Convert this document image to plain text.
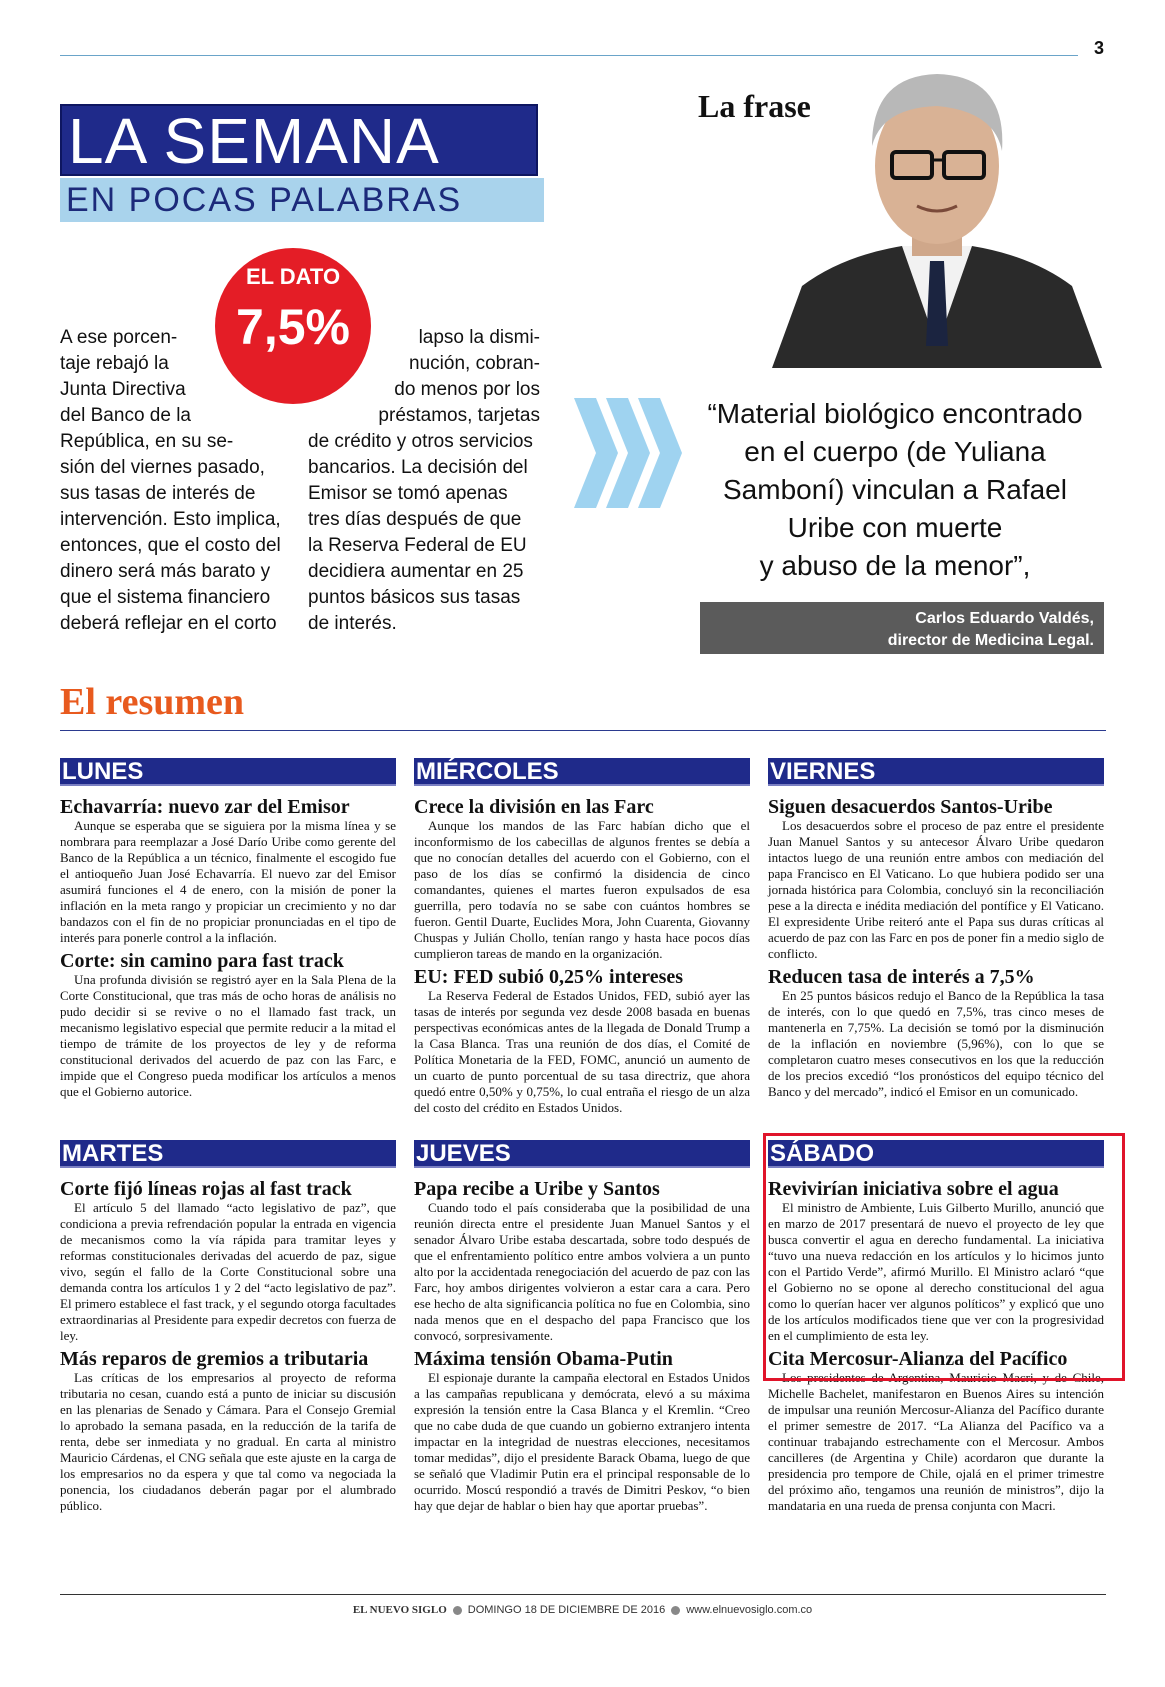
3
LA SEMANA
EN POCAS PALABRAS
EL DATO
7,5%
A ese porcen-
taje rebajó la
Junta Directiva
del Banco de la
República, en su se-
sión del viernes pasado,
sus tasas de interés de
intervención. Esto implica,
entonces, que el costo del
dinero será más barato y
que el sistema financiero
deberá reflejar en el corto
lapso la dismi-
nución, cobran-
do menos por los
préstamos, tarjetas
de crédito y otros servicios
bancarios. La decisión del
Emisor se tomó apenas
tres días después de que
la Reserva Federal de EU
decidiera aumentar en 25
puntos básicos sus tasas
de interés.
La frase
“Material biológico encontrado
en el cuerpo (de Yuliana
Samboní) vinculan a Rafael
Uribe con muerte
y abuso de la menor”,
Carlos Eduardo Valdés,
director de Medicina Legal.
El resumen
LUNES
Echavarría: nuevo zar del Emisor

Aunque se esperaba que se siguiera por la misma línea y se nombrara para reemplazar a José Darío Uribe como gerente del Banco de la República a un técnico, finalmente el escogido fue el antioqueño Juan José Echavarría. El nuevo zar del Emisor asumirá funciones el 4 de enero, con la misión de poner la inflación en la meta rango y propiciar un crecimiento y no dar bandazos con el fin de no propiciar pronunciadas en el tipo de interés para ponerle control a la inflación.

Corte: sin camino para fast track

Una profunda división se registró ayer en la Sala Plena de la Corte Constitucional, que tras más de ocho horas de análisis no pudo decidir si se revive o no el llamado fast track, un mecanismo legislativo especial que permite reducir a la mitad el tiempo de trámite de los proyectos de ley y de reforma constitucional derivados del acuerdo de paz con las Farc, e impide que el Congreso pueda modificar los artículos a menos que el Gobierno autorice.

MIÉRCOLES
Crece la división en las Farc

Aunque los mandos de las Farc habían dicho que el inconformismo de los cabecillas de algunos frentes se debía a que no conocían detalles del acuerdo con el Gobierno, con el paso de los días se confirmó la disidencia de cinco comandantes, quienes el martes fueron expulsados de esa guerrilla, pero todavía no se sabe con cuántos hombres se fueron. Gentil Duarte, Euclides Mora, John Cuarenta, Giovanny Chuspas y Julián Chollo, tenían rango y hasta hace pocos días cumplieron tareas de mando en la organización.

EU: FED subió 0,25% intereses

La Reserva Federal de Estados Unidos, FED, subió ayer las tasas de interés por segunda vez desde 2008 basada en buenas perspectivas económicas antes de la llegada de Donald Trump a la Casa Blanca. Tras una reunión de dos días, el Comité de Política Monetaria de la FED, FOMC, anunció un aumento de un cuarto de punto porcentual de su tasa directriz, que ahora quedó entre 0,50% y 0,75%, lo cual entraña el riesgo de un alza del costo del crédito en Estados Unidos.

VIERNES
Siguen desacuerdos Santos-Uribe

Los desacuerdos sobre el proceso de paz entre el presidente Juan Manuel Santos y su antecesor Álvaro Uribe quedaron intactos luego de una reunión entre ambos con mediación del papa Francisco en El Vaticano. Lo que hubiera podido ser una jornada histórica para Colombia, concluyó sin la reconciliación pese a la directa e inédita mediación del pontífice y El Vaticano. El expresidente Uribe reiteró ante el Papa sus duras críticas al acuerdo de paz con las Farc en pos de poner fin a medio siglo de conflicto.

Reducen tasa de interés a 7,5%

En 25 puntos básicos redujo el Banco de la República la tasa de interés, con lo que quedó en 7,5%, tras cinco meses de mantenerla en 7,75%. La decisión se tomó por la disminución de la inflación en noviembre (5,96%), con lo que se completaron cuatro meses consecutivos en los que la reducción de los precios excedió “los pronósticos del equipo técnico del Banco y del mercado”, indicó el Emisor en un comunicado.

MARTES
Corte fijó líneas rojas al fast track

El artículo 5 del llamado “acto legislativo de paz”, que condiciona a previa refrendación popular la entrada en vigencia de mecanismos como la vía rápida para tramitar leyes y reformas constitucionales derivadas del acuerdo de paz, sigue vivo, según el fallo de la Corte Constitucional sobre una demanda contra los artículos 1 y 2 del “acto legislativo de paz”. El primero establece el fast track, y el segundo otorga facultades extraordinarias al Presidente para expedir decretos con fuerza de ley.

Más reparos de gremios a tributaria

Las críticas de los empresarios al proyecto de reforma tributaria no cesan, cuando está a punto de iniciar su discusión en las plenarias de Senado y Cámara. Para el Consejo Gremial lo aprobado la semana pasada, en la reducción de la tarifa de renta, debe ser inmediata y no gradual. En carta al ministro Mauricio Cárdenas, el CNG señala que este ajuste en la carga de los empresarios no da espera y que tal como va negociada la ponencia, los ciudadanos deberán pagar por el alumbrado público.

JUEVES
Papa recibe a Uribe y Santos

Cuando todo el país consideraba que la posibilidad de una reunión directa entre el presidente Juan Manuel Santos y el senador Álvaro Uribe estaba descartada, sobre todo después de que el enfrentamiento político entre ambos volviera a un punto alto por la accidentada renegociación del acuerdo de paz con las Farc, hoy ambos dirigentes volvieron a estar cara a cara. Pero ese hecho de alta significancia política no fue en Colombia, sino nada menos que en el despacho del papa Francisco que los convocó, sorpresivamente.

Máxima tensión Obama-Putin

El espionaje durante la campaña electoral en Estados Unidos a las campañas republicana y demócrata, elevó a su máxima expresión la tensión entre la Casa Blanca y el Kremlin. “Creo que no cabe duda de que cuando un gobierno extranjero intenta impactar en la integridad de nuestras elecciones, necesitamos tomar medidas”, dijo el presidente Barack Obama, luego de que se señaló que Vladimir Putin era el principal responsable de lo ocurrido. Moscú respondió a través de Dimitri Peskov, “o bien hay que dejar de hablar o bien hay que aportar pruebas”.

SÁBADO
Revivirían iniciativa sobre el agua

El ministro de Ambiente, Luis Gilberto Murillo, anunció que en marzo de 2017 presentará de nuevo el proyecto de ley que busca convertir el agua en derecho fundamental. La iniciativa “tuvo una nueva redacción en los artículos y lo hicimos junto con el Partido Verde”, afirmó Murillo. El Ministro aclaró “que el Gobierno no se opone al derecho constitucional del agua como lo querían hacer ver algunos políticos” y explicó que uno de los artículos modificados tiene que ver con la progresividad en el cumplimiento de esta ley.

Cita Mercosur-Alianza del Pacífico

Los presidentes de Argentina, Mauricio Macri, y de Chile, Michelle Bachelet, manifestaron en Buenos Aires su intención de impulsar una reunión Mercosur-Alianza del Pacífico durante el primer semestre de 2017. “La Alianza del Pacífico va a continuar trabajando estrechamente con el Mercosur. Ambos cancilleres (de Argentina y Chile) acordaron que durante la presidencia pro tempore de Chile, ojalá en el primer trimestre del próximo año, tengamos una reunión de ministros”, dijo la mandataria en una rueda de prensa conjunta con Macri.

EL NUEVO SIGLO DOMINGO 18 DE DICIEMBRE DE 2016 www.elnuevosiglo.com.co
